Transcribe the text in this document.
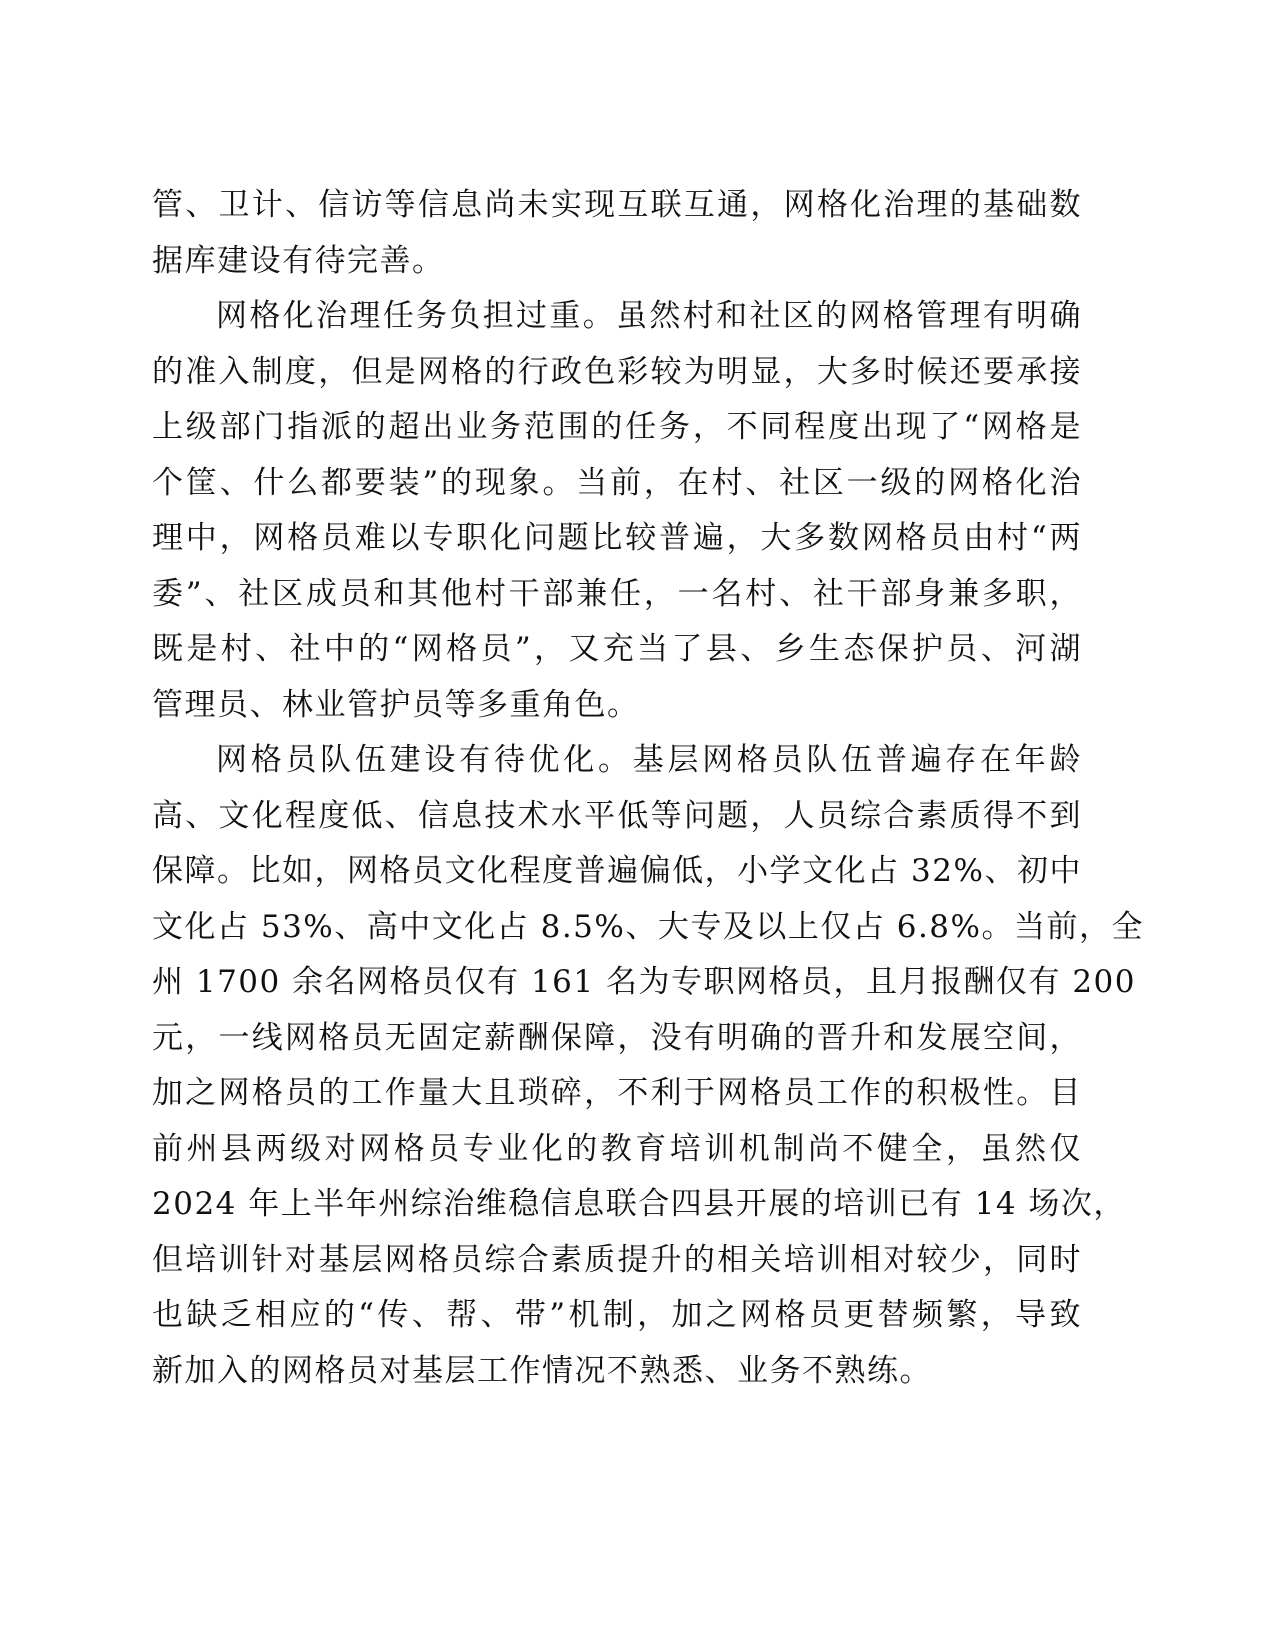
管、卫计、信访等信息尚未实现互联互通，网格化治理的基础数
据库建设有待完善。
网格化治理任务负担过重。虽然村和社区的网格管理有明确
的准入制度，但是网格的行政色彩较为明显，大多时候还要承接
上级部门指派的超出业务范围的任务，不同程度出现了“网格是
个筐、什么都要装”的现象。当前，在村、社区一级的网格化治
理中，网格员难以专职化问题比较普遍，大多数网格员由村“两
委”、社区成员和其他村干部兼任，一名村、社干部身兼多职，
既是村、社中的“网格员”，又充当了县、乡生态保护员、河湖
管理员、林业管护员等多重角色。
网格员队伍建设有待优化。基层网格员队伍普遍存在年龄
高、文化程度低、信息技术水平低等问题，人员综合素质得不到
保障。比如，网格员文化程度普遍偏低，小学文化占 32%、初中
文化占 53%、高中文化占 8.5%、大专及以上仅占 6.8%。当前，全
州 1700 余名网格员仅有 161 名为专职网格员，且月报酬仅有 200
元，一线网格员无固定薪酬保障，没有明确的晋升和发展空间，
加之网格员的工作量大且琐碎，不利于网格员工作的积极性。目
前州县两级对网格员专业化的教育培训机制尚不健全，虽然仅
2024 年上半年州综治维稳信息联合四县开展的培训已有 14 场次，
但培训针对基层网格员综合素质提升的相关培训相对较少，同时
也缺乏相应的“传、帮、带”机制，加之网格员更替频繁，导致
新加入的网格员对基层工作情况不熟悉、业务不熟练。
